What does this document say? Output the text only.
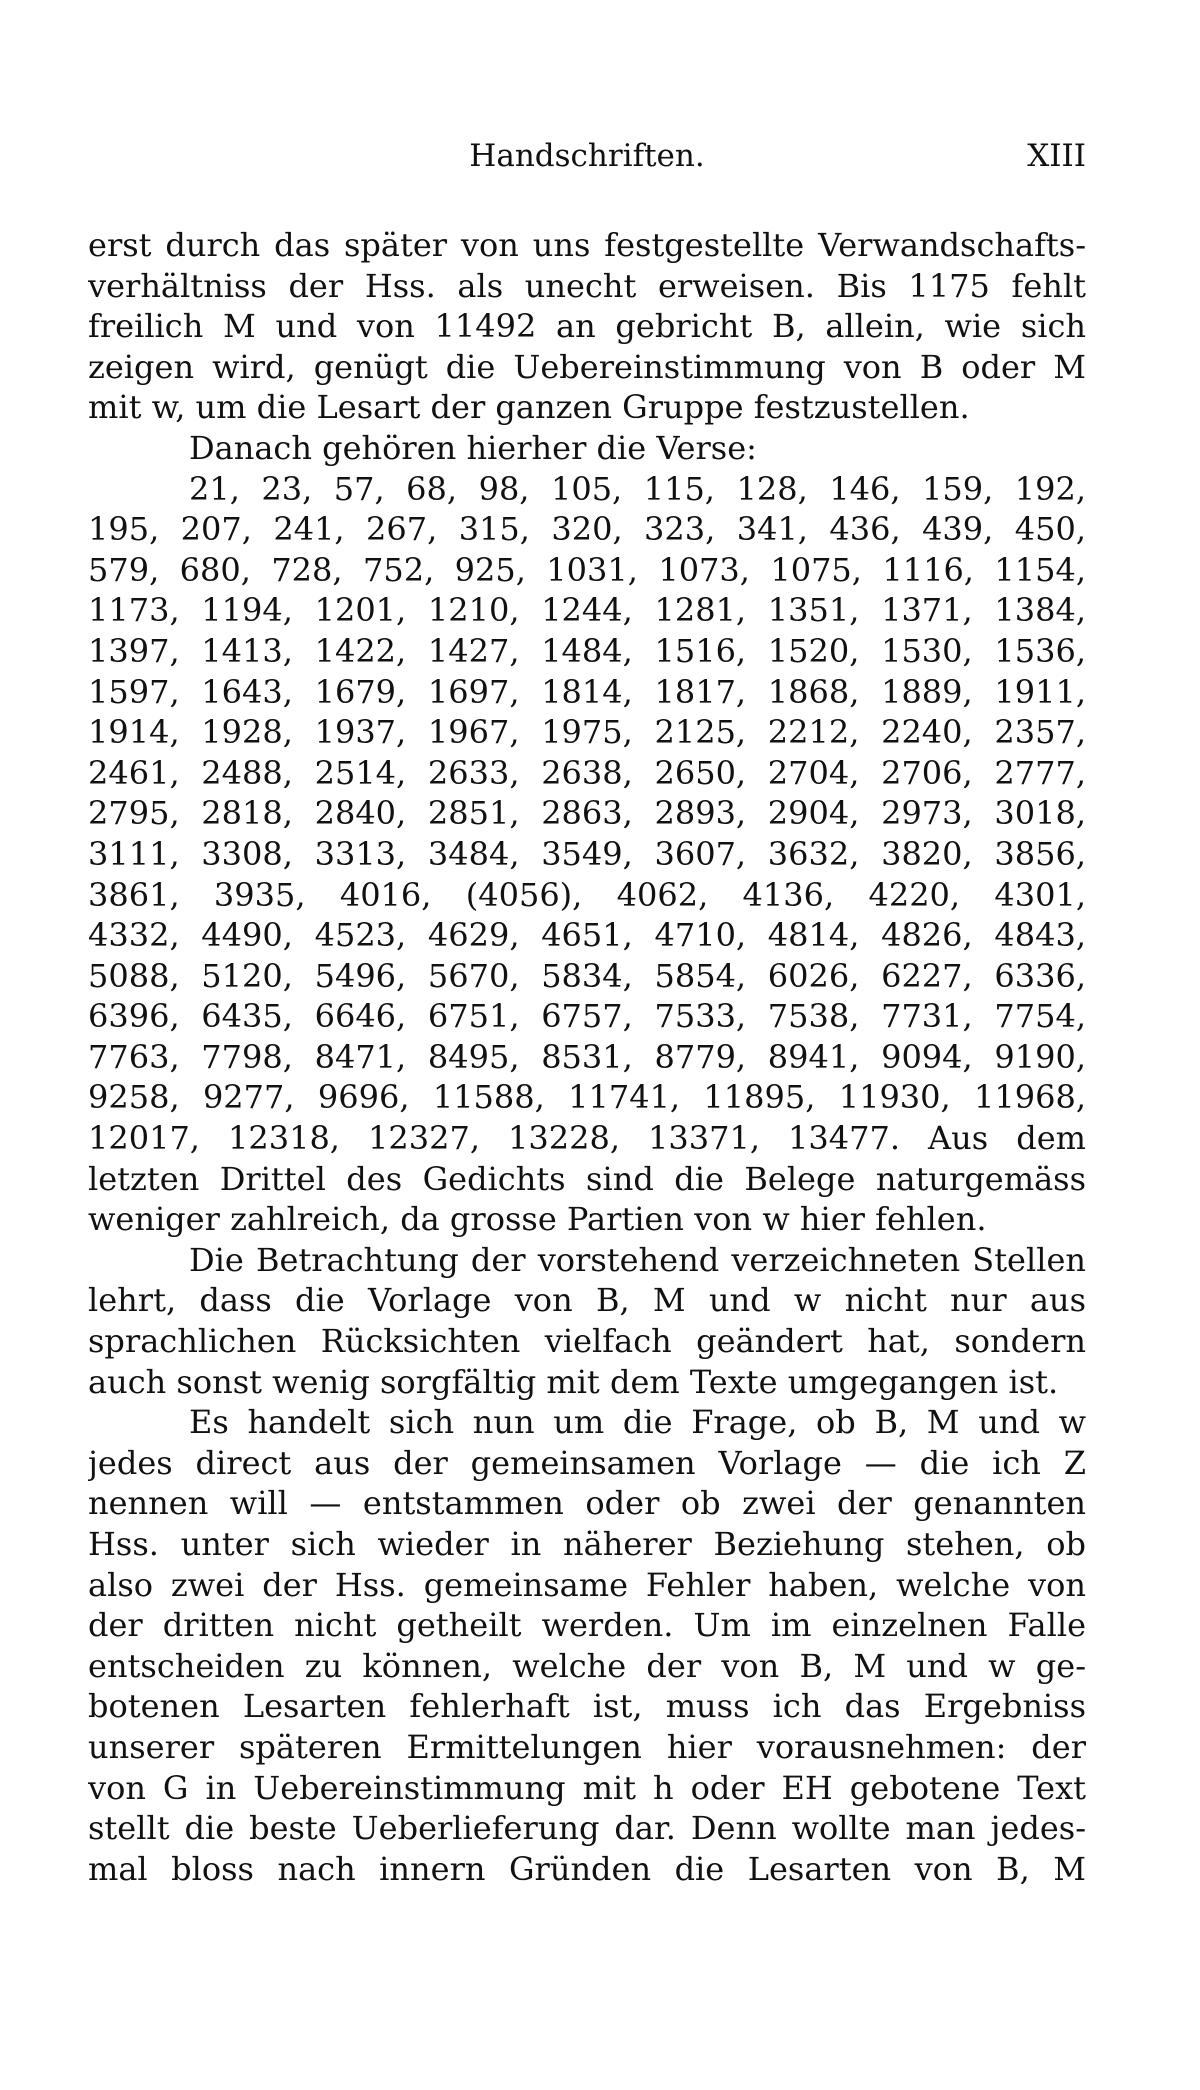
Handschriften.	XIII
erst durch das später von uns festgestellte Verwandschafts-
verhältniss der Hss. als unecht erweisen. Bis 1175 fehlt
freilich M und von 11492 an gebricht B, allein, wie sich
zeigen wird, genügt die Uebereinstimmung von B oder M
mit w, um die Lesart der ganzen Gruppe festzustellen.
Danach gehören hierher die Verse:
21, 23, 57, 68, 98, 105, 115, 128, 146, 159, 192,
195, 207, 241, 267, 315, 320, 323, 341, 436, 439, 450,
579, 680, 728, 752, 925, 1031, 1073, 1075, 1116, 1154,
1173, 1194, 1201, 1210, 1244, 1281, 1351, 1371, 1384,
1397, 1413, 1422, 1427, 1484, 1516, 1520, 1530, 1536,
1597, 1643, 1679, 1697, 1814, 1817, 1868, 1889, 1911,
1914, 1928, 1937, 1967, 1975, 2125, 2212, 2240, 2357,
2461, 2488, 2514, 2633, 2638, 2650, 2704, 2706, 2777,
2795, 2818, 2840, 2851, 2863, 2893, 2904, 2973, 3018,
3111, 3308, 3313, 3484, 3549, 3607, 3632, 3820, 3856,
3861, 3935, 4016, (4056), 4062, 4136, 4220, 4301,
4332, 4490, 4523, 4629, 4651, 4710, 4814, 4826, 4843,
5088, 5120, 5496, 5670, 5834, 5854, 6026, 6227, 6336,
6396, 6435, 6646, 6751, 6757, 7533, 7538, 7731, 7754,
7763, 7798, 8471, 8495, 8531, 8779, 8941, 9094, 9190,
9258, 9277, 9696, 11588, 11741, 11895, 11930, 11968,
12017, 12318, 12327, 13228, 13371, 13477. Aus dem
letzten Drittel des Gedichts sind die Belege naturgemäss
weniger zahlreich, da grosse Partien von w hier fehlen.
Die Betrachtung der vorstehend verzeichneten Stellen
lehrt, dass die Vorlage von B, M und w nicht nur aus
sprachlichen Rücksichten vielfach geändert hat, sondern
auch sonst wenig sorgfältig mit dem Texte umgegangen ist.
Es handelt sich nun um die Frage, ob B, M und w
jedes direct aus der gemeinsamen Vorlage — die ich Z
nennen will — entstammen oder ob zwei der genannten
Hss. unter sich wieder in näherer Beziehung stehen, ob
also zwei der Hss. gemeinsame Fehler haben, welche von
der dritten nicht getheilt werden. Um im einzelnen Falle
entscheiden zu können, welche der von B, M und w ge-
botenen Lesarten fehlerhaft ist, muss ich das Ergebniss
unserer späteren Ermittelungen hier vorausnehmen: der
von G in Uebereinstimmung mit h oder EH gebotene Text
stellt die beste Ueberlieferung dar. Denn wollte man jedes-
mal bloss nach innern Gründen die Lesarten von B, M
